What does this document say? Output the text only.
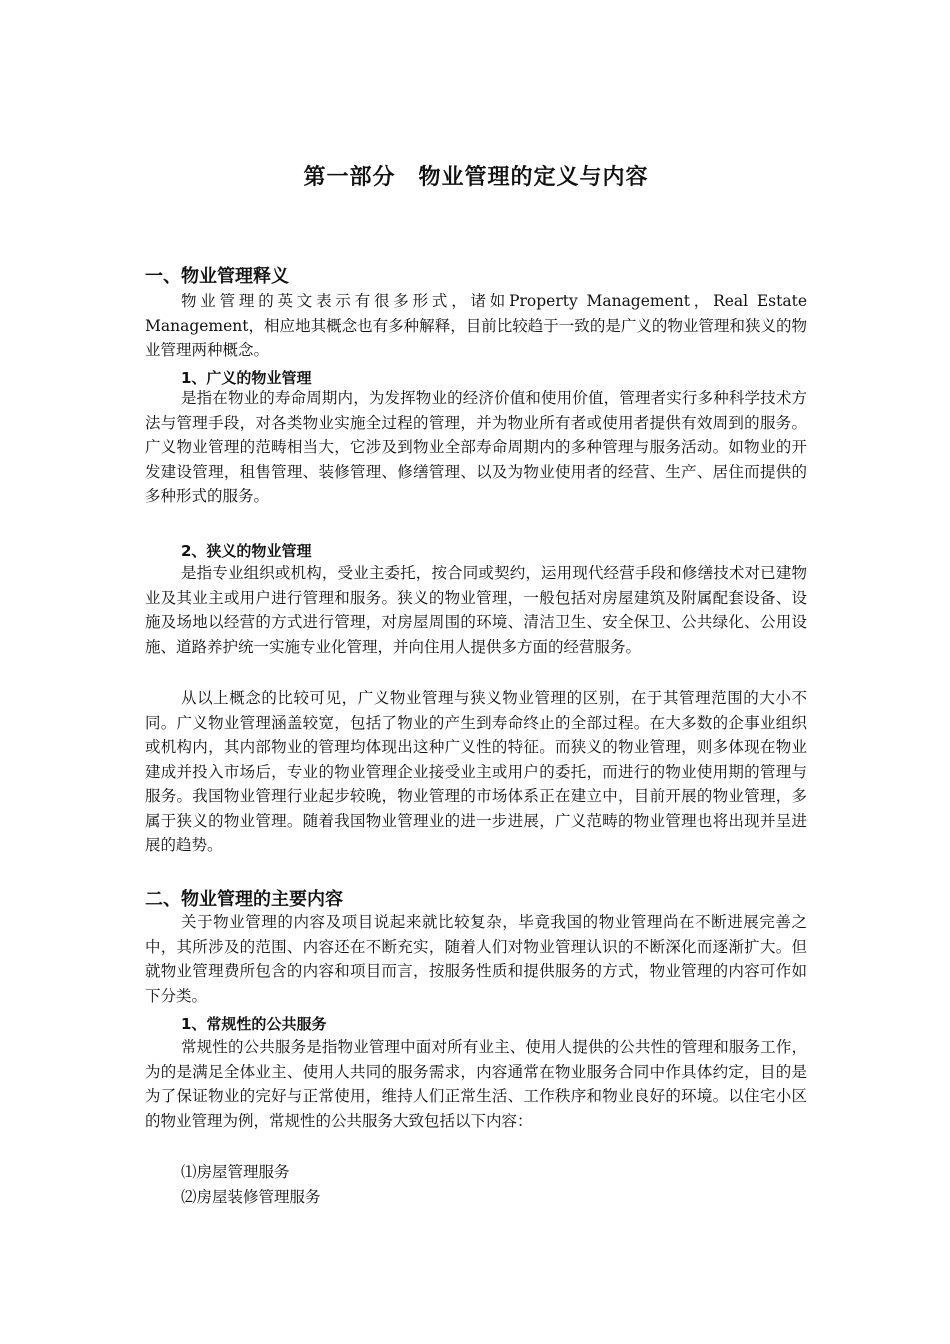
第一部分　物业管理的定义与内容
一、物业管理释义

物业管理的英文表示有很多形式，诸如Property Management，Real Estate Management，相应地其概念也有多种解释，目前比较趋于一致的是广义的物业管理和狭义的物业管理两种概念。

1、广义的物业管理

是指在物业的寿命周期内，为发挥物业的经济价值和使用价值，管理者实行多种科学技术方法与管理手段，对各类物业实施全过程的管理，并为物业所有者或使用者提供有效周到的服务。广义物业管理的范畴相当大，它涉及到物业全部寿命周期内的多种管理与服务活动。如物业的开发建设管理，租售管理、装修管理、修缮管理、以及为物业使用者的经营、生产、居住而提供的多种形式的服务。

2、狭义的物业管理

是指专业组织或机构，受业主委托，按合同或契约，运用现代经营手段和修缮技术对已建物业及其业主或用户进行管理和服务。狭义的物业管理，一般包括对房屋建筑及附属配套设备、设施及场地以经营的方式进行管理，对房屋周围的环境、清洁卫生、安全保卫、公共绿化、公用设施、道路养护统一实施专业化管理，并向住用人提供多方面的经营服务。

从以上概念的比较可见，广义物业管理与狭义物业管理的区别，在于其管理范围的大小不同。广义物业管理涵盖较宽，包括了物业的产生到寿命终止的全部过程。在大多数的企事业组织或机构内，其内部物业的管理均体现出这种广义性的特征。而狭义的物业管理，则多体现在物业建成并投入市场后，专业的物业管理企业接受业主或用户的委托，而进行的物业使用期的管理与服务。我国物业管理行业起步较晚，物业管理的市场体系正在建立中，目前开展的物业管理，多属于狭义的物业管理。随着我国物业管理业的进一步进展，广义范畴的物业管理也将出现并呈进展的趋势。

二、物业管理的主要内容

关于物业管理的内容及项目说起来就比较复杂，毕竟我国的物业管理尚在不断进展完善之中，其所涉及的范围、内容还在不断充实，随着人们对物业管理认识的不断深化而逐渐扩大。但就物业管理费所包含的内容和项目而言，按服务性质和提供服务的方式，物业管理的内容可作如下分类。

1、常规性的公共服务

常规性的公共服务是指物业管理中面对所有业主、使用人提供的公共性的管理和服务工作，为的是满足全体业主、使用人共同的服务需求，内容通常在物业服务合同中作具体约定，目的是为了保证物业的完好与正常使用，维持人们正常生活、工作秩序和物业良好的环境。以住宅小区的物业管理为例，常规性的公共服务大致包括以下内容：

⑴房屋管理服务
⑵房屋装修管理服务
